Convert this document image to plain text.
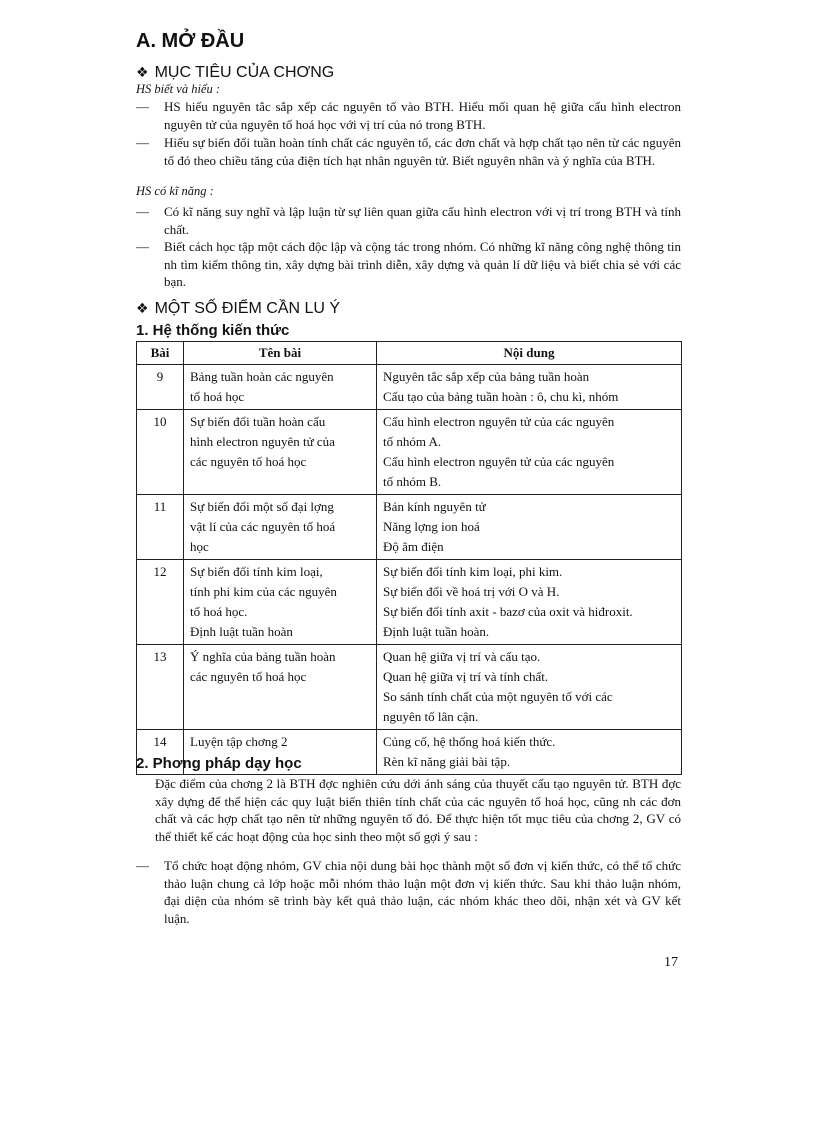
A. MỞ ĐẦU
❖ MỤC TIÊU CỦA CHƠNG
HS biết và hiểu :
—	HS hiểu nguyên tắc sắp xếp các nguyên tố vào BTH. Hiểu mối quan hệ giữa cấu hình electron nguyên tử của nguyên tố hoá học với vị trí của nó trong BTH.
—	Hiểu sự biến đổi tuần hoàn tính chất các nguyên tố, các đơn chất và hợp chất tạo nên từ các nguyên tố đó theo chiều tăng của điện tích hạt nhân nguyên tử. Biết nguyên nhân và ý nghĩa của BTH.
HS có kĩ năng :
—	Có kĩ năng suy nghĩ và lập luận từ sự liên quan giữa cấu hình electron với vị trí trong BTH và tính chất.
—	Biết cách học tập một cách độc lập và cộng tác trong nhóm. Có những kĩ năng công nghệ thông tin nh tìm kiếm thông tin, xây dựng bài trình diễn, xây dựng và quản lí dữ liệu và biết chia sẻ với các bạn.
❖ MỘT SỐ ĐIỂM CẦN LU Ý
1. Hệ thống kiến thức
Bài	Tên bài	Nội dung
9	Bảng tuần hoàn các nguyên
tố hoá học	Nguyên tắc sắp xếp của bảng tuần hoàn
Cấu tạo của bảng tuần hoàn : ô, chu kì, nhóm

10	Sự biến đổi tuần hoàn cấu
hình electron nguyên tử của
các nguyên tố hoá học	Cấu hình electron nguyên tử của các nguyên
tố nhóm A.
Cấu hình electron nguyên tử của các nguyên
tố nhóm B.

11	Sự biến đổi một số đại lợng
vật lí của các nguyên tố hoá
học	Bán kính nguyên tử
Năng lợng ion hoá
Độ âm điện

12	Sự biến đổi tính kim loại,
tính phi kim của các nguyên
tố hoá học.
Định luật tuần hoàn	Sự biến đổi tính kim loại, phi kim.
Sự biến đổi về hoá trị với O và H.
Sự biến đổi tính axit - bazơ của oxit và hiđroxit.
Định luật tuần hoàn.

13	Ý nghĩa của bảng tuần hoàn
các nguyên tố hoá học	Quan hệ giữa vị trí và cấu tạo.
Quan hệ giữa vị trí và tính chất.
So sánh tính chất của một nguyên tố với các
nguyên tố lân cận.

14	Luyện tập chơng 2	Củng cố, hệ thống hoá kiến thức.
Rèn kĩ năng giải bài tập.
2. Phơng pháp dạy học
Đặc điểm của chơng 2 là BTH đợc nghiên cứu dới ánh sáng của thuyết cấu tạo nguyên tử. BTH đợc xây dựng để thể hiện các quy luật biến thiên tính chất của các nguyên tố hoá học, cũng nh các đơn chất và các hợp chất tạo nên từ những nguyên tố đó. Để thực hiện tốt mục tiêu của chơng 2, GV có thể thiết kế các hoạt động của học sinh theo một số gợi ý sau :
—	Tổ chức hoạt động nhóm, GV chia nội dung bài học thành một số đơn vị kiến thức, có thể tổ chức thảo luận chung cả lớp hoặc mỗi nhóm thảo luận một đơn vị kiến thức. Sau khi thảo luận nhóm, đại diện của nhóm sẽ trình bày kết quả thảo luận, các nhóm khác theo dõi, nhận xét và GV kết luận.
17
